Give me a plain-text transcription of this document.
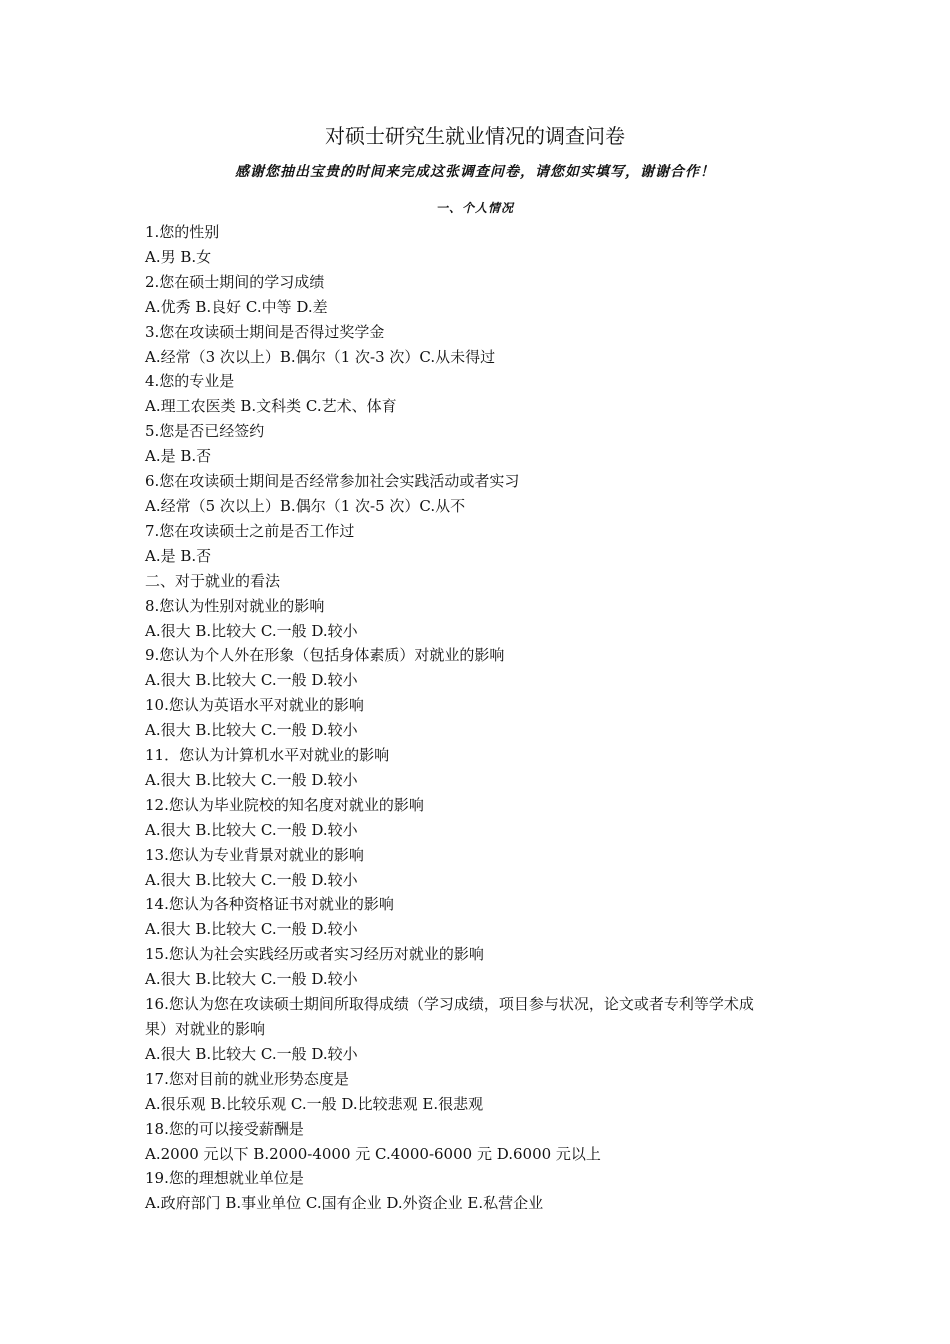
对硕士研究生就业情况的调查问卷
感谢您抽出宝贵的时间来完成这张调查问卷，请您如实填写，谢谢合作！
一、个人情况
1.您的性别
A.男 B.女
2.您在硕士期间的学习成绩
A.优秀 B.良好 C.中等 D.差
3.您在攻读硕士期间是否得过奖学金
A.经常（3 次以上）B.偶尔（1 次-3 次）C.从未得过
4.您的专业是
A.理工农医类 B.文科类 C.艺术、体育
5.您是否已经签约
A.是 B.否
6.您在攻读硕士期间是否经常参加社会实践活动或者实习
A.经常（5 次以上）B.偶尔（1 次-5 次）C.从不
7.您在攻读硕士之前是否工作过
A.是 B.否
二、对于就业的看法
8.您认为性别对就业的影响
A.很大 B.比较大 C.一般 D.较小
9.您认为个人外在形象（包括身体素质）对就业的影响
A.很大 B.比较大 C.一般 D.较小
10.您认为英语水平对就业的影响
A.很大 B.比较大 C.一般 D.较小
11．您认为计算机水平对就业的影响
A.很大 B.比较大 C.一般 D.较小
12.您认为毕业院校的知名度对就业的影响
A.很大 B.比较大 C.一般 D.较小
13.您认为专业背景对就业的影响
A.很大 B.比较大 C.一般 D.较小
14.您认为各种资格证书对就业的影响
A.很大 B.比较大 C.一般 D.较小
15.您认为社会实践经历或者实习经历对就业的影响
A.很大 B.比较大 C.一般 D.较小
16.您认为您在攻读硕士期间所取得成绩（学习成绩，项目参与状况，论文或者专利等学术成
果）对就业的影响
A.很大 B.比较大 C.一般 D.较小
17.您对目前的就业形势态度是
A.很乐观 B.比较乐观 C.一般 D.比较悲观 E.很悲观
18.您的可以接受薪酬是
A.2000 元以下 B.2000-4000 元 C.4000-6000 元 D.6000 元以上
19.您的理想就业单位是
A.政府部门 B.事业单位 C.国有企业 D.外资企业 E.私营企业
